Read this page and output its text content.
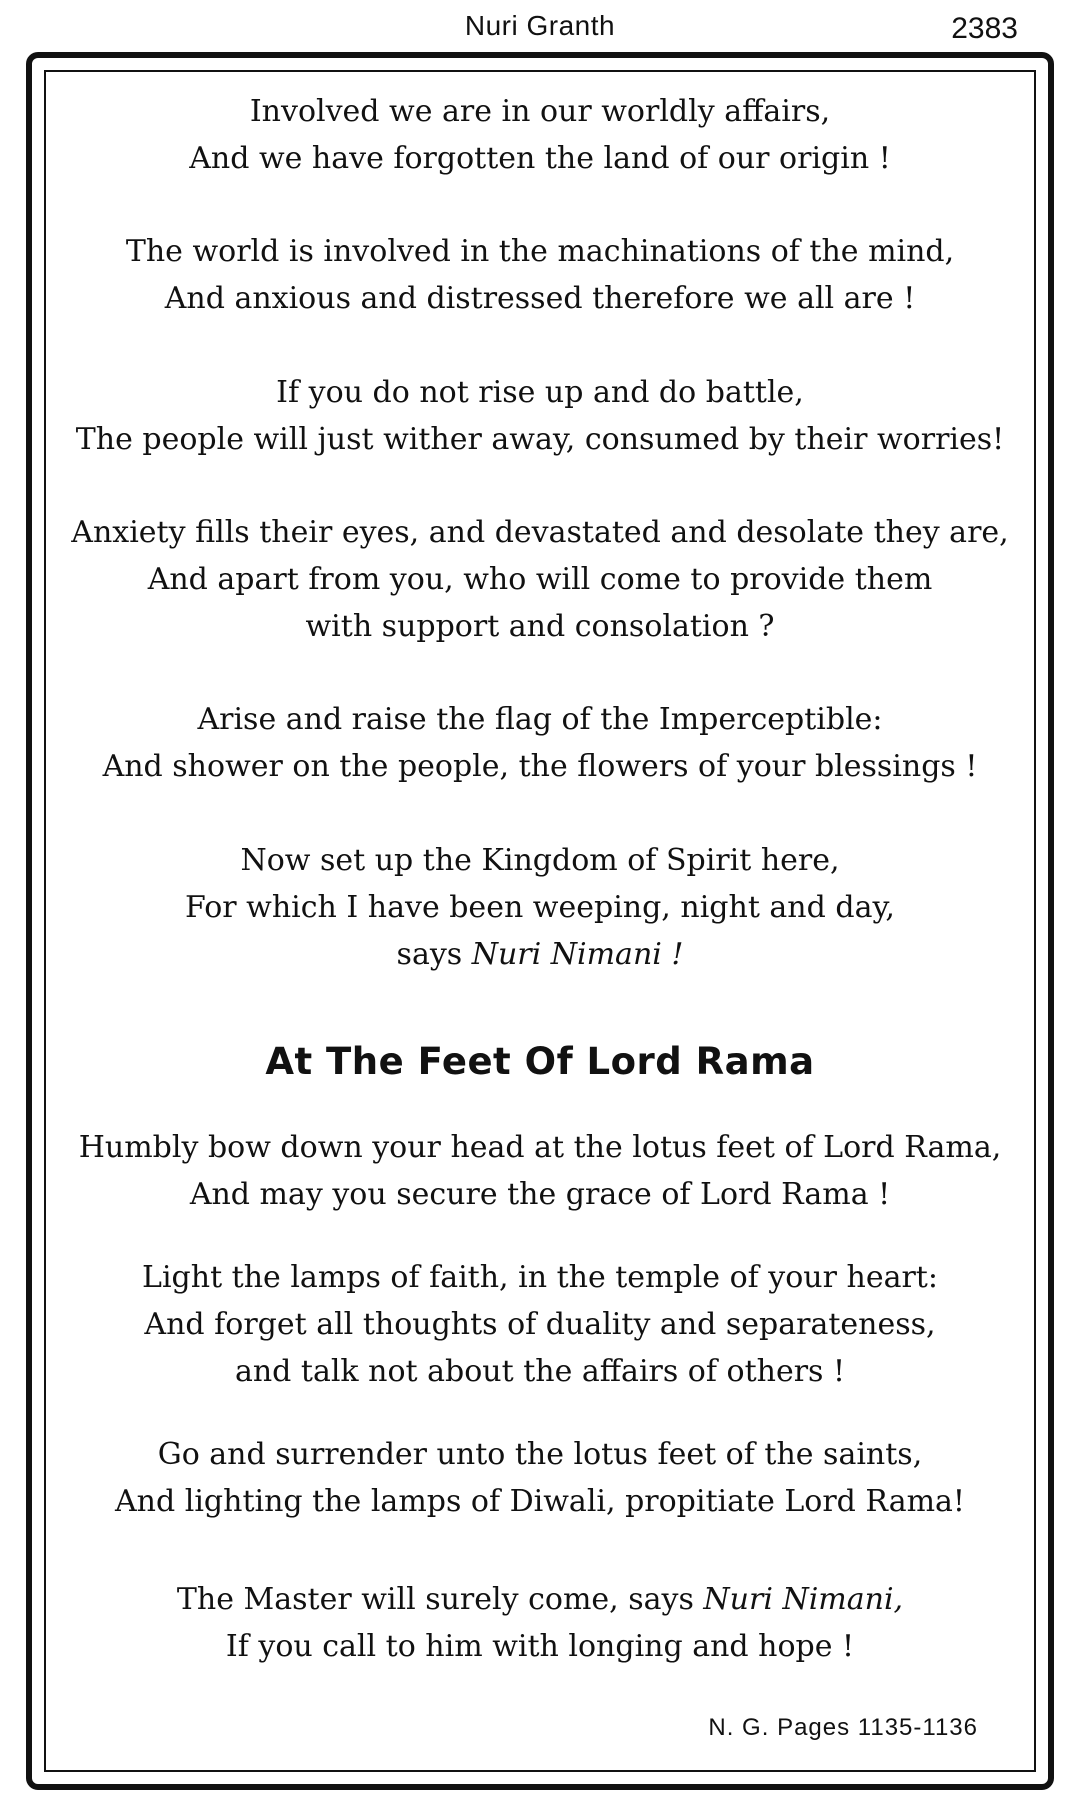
Nuri Granth	2383
Involved we are in our worldly affairs,
And we have forgotten the land of our origin !
The world is involved in the machinations of the mind,
And anxious and distressed therefore we all are !
If you do not rise up and do battle,
The people will just wither away, consumed by their worries!
Anxiety fills their eyes, and devastated and desolate they are,
And apart from you, who will come to provide them
with support and consolation ?
Arise and raise the flag of the Imperceptible:
And shower on the people, the flowers of your blessings !
Now set up the Kingdom of Spirit here,
For which I have been weeping, night and day,
says Nuri Nimani !
At The Feet Of Lord Rama
Humbly bow down your head at the lotus feet of Lord Rama,
And may you secure the grace of Lord Rama !
Light the lamps of faith, in the temple of your heart:
And forget all thoughts of duality and separateness,
and talk not about the affairs of others !
Go and surrender unto the lotus feet of the saints,
And lighting the lamps of Diwali, propitiate Lord Rama!
The Master will surely come, says Nuri Nimani,
If you call to him with longing and hope !
N. G. Pages 1135-1136
